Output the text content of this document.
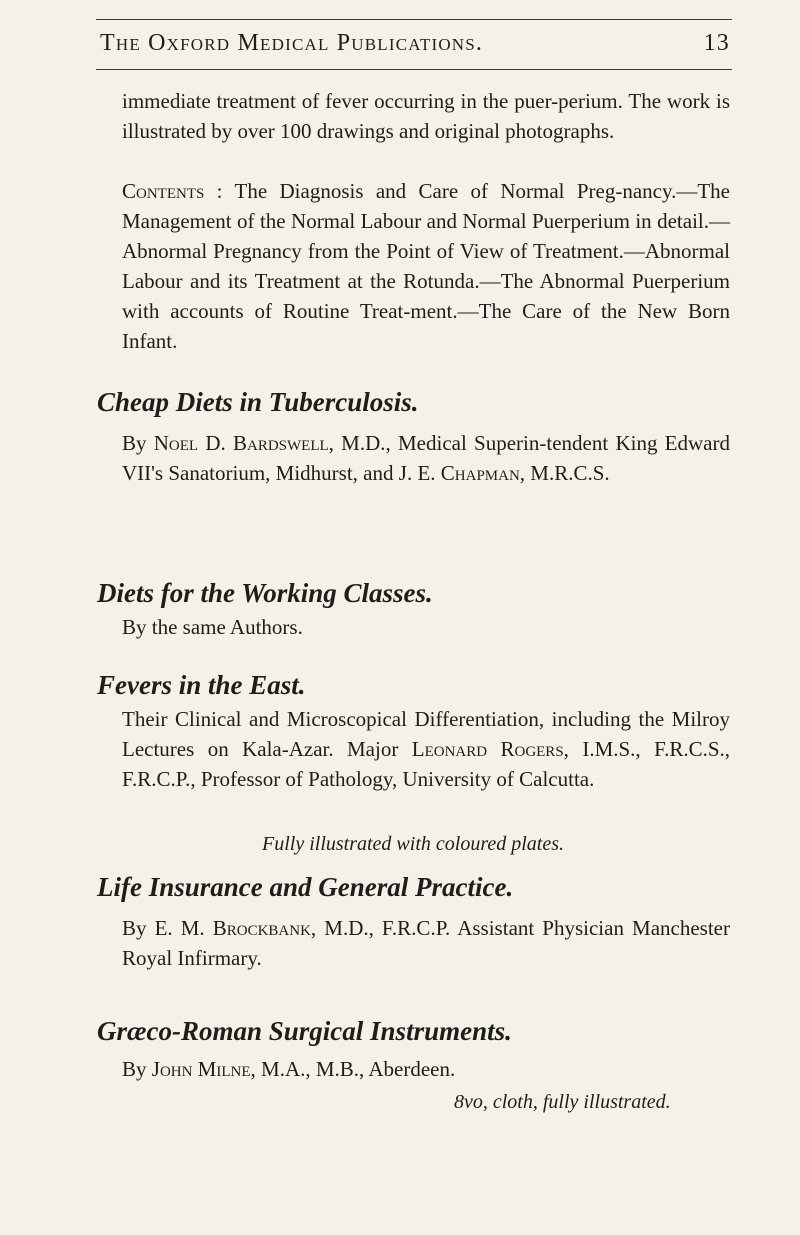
The Oxford Medical Publications.	13
immediate treatment of fever occurring in the puer-perium. The work is illustrated by over 100 drawings and original photographs.
Contents : The Diagnosis and Care of Normal Preg-nancy.—The Management of the Normal Labour and Normal Puerperium in detail.—Abnormal Pregnancy from the Point of View of Treatment.—Abnormal Labour and its Treatment at the Rotunda.—The Abnormal Puerperium with accounts of Routine Treat-ment.—The Care of the New Born Infant.
Cheap Diets in Tuberculosis.
By Noel D. Bardswell, M.D., Medical Superin-tendent King Edward VII's Sanatorium, Midhurst, and J. E. Chapman, M.R.C.S.
Diets for the Working Classes.
By the same Authors.
Fevers in the East.
Their Clinical and Microscopical Differentiation, including the Milroy Lectures on Kala-Azar. Major Leonard Rogers, I.M.S., F.R.C.S., F.R.C.P., Professor of Pathology, University of Calcutta.
Fully illustrated with coloured plates.
Life Insurance and General Practice.
By E. M. Brockbank, M.D., F.R.C.P. Assistant Physician Manchester Royal Infirmary.
Græco-Roman Surgical Instruments.
By John Milne, M.A., M.B., Aberdeen.
8vo, cloth, fully illustrated.
